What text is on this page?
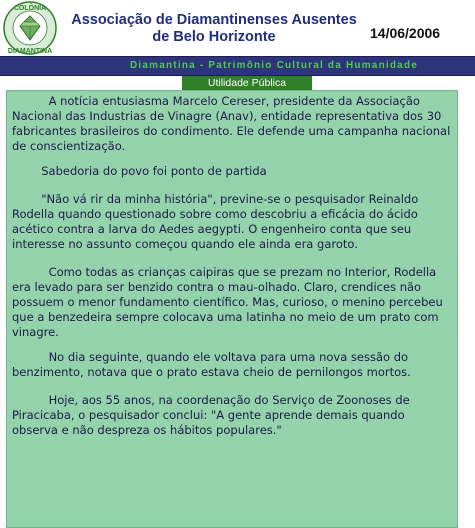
COLÔNIA
DIAMANTINA
Associação de Diamantinenses Ausentes
de Belo Horizonte	14/06/2006
Diamantina - Patrimônio Cultural da Humanidade
Utilidade Pública

A notícia entusiasma Marcelo Cereser, presidente da Associação Nacional das Industrias de Vinagre (Anav), entidade representativa dos 30 fabricantes brasileiros do condimento. Ele defende uma campanha nacional de conscientização.

Sabedoria do povo foi ponto de partida

"Não vá rir da minha história", previne-se o pesquisador Reinaldo Rodella quando questionado sobre como descobriu a eficácia do ácido acético contra a larva do Aedes aegypti. O engenheiro conta que seu interesse no assunto começou quando ele ainda era garoto.

Como todas as crianças caipiras que se prezam no Interior, Rodella era levado para ser benzido contra o mau-olhado. Claro, crendices não possuem o menor fundamento científico. Mas, curioso, o menino percebeu que a benzedeira sempre colocava uma latinha no meio de um prato com vinagre.

No dia seguinte, quando ele voltava para uma nova sessão do benzimento, notava que o prato estava cheio de pernilongos mortos.

Hoje, aos 55 anos, na coordenação do Serviço de Zoonoses de Piracicaba, o pesquisador conclui: "A gente aprende demais quando observa e não despreza os hábitos populares."
